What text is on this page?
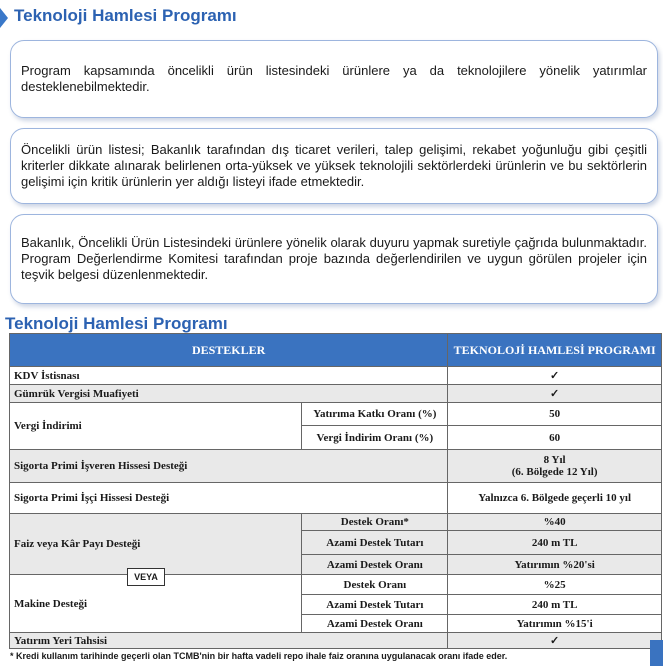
Teknoloji Hamlesi Programı
Program kapsamında öncelikli ürün listesindeki ürünlere ya da teknolojilere yönelik yatırımlar desteklenebilmektedir.
Öncelikli ürün listesi; Bakanlık tarafından dış ticaret verileri, talep gelişimi, rekabet yoğunluğu gibi çeşitli kriterler dikkate alınarak belirlenen orta-yüksek ve yüksek teknolojili sektörlerdeki ürünlerin ve bu sektörlerin gelişimi için kritik ürünlerin yer aldığı listeyi ifade etmektedir.
Bakanlık, Öncelikli Ürün Listesindeki ürünlere yönelik olarak duyuru yapmak suretiyle çağrıda bulunmaktadır. Program Değerlendirme Komitesi tarafından proje bazında değerlendirilen ve uygun görülen projeler için teşvik belgesi düzenlenmektedir.
Teknoloji Hamlesi Programı
DESTEKLER		TEKNOLOJİ HAMLESİ PROGRAMI
KDV İstisnası		✓
Gümrük Vergisi Muafiyeti		✓
Vergi İndirimi	Yatırıma Katkı Oranı (%)	50
	Vergi İndirim Oranı (%)	60
Sigorta Primi İşveren Hissesi Desteği		8 Yıl
(6. Bölgede 12 Yıl)

Sigorta Primi İşçi Hissesi Desteği		Yalnızca 6. Bölgede geçerli 10 yıl
Faiz veya Kâr Payı Desteği	Destek Oranı*	%40
	Azami Destek Tutarı	240 m TL
	Azami Destek Oranı	Yatırımın %20'si
Makine Desteği	Destek Oranı	%25
	Azami Destek Tutarı	240 m TL
	Azami Destek Oranı	Yatırımın %15'i
Yatırım Yeri Tahsisi		✓
VEYA
* Kredi kullanım tarihinde geçerli olan TCMB'nin bir hafta vadeli repo ihale faiz oranına uygulanacak oranı ifade eder.
